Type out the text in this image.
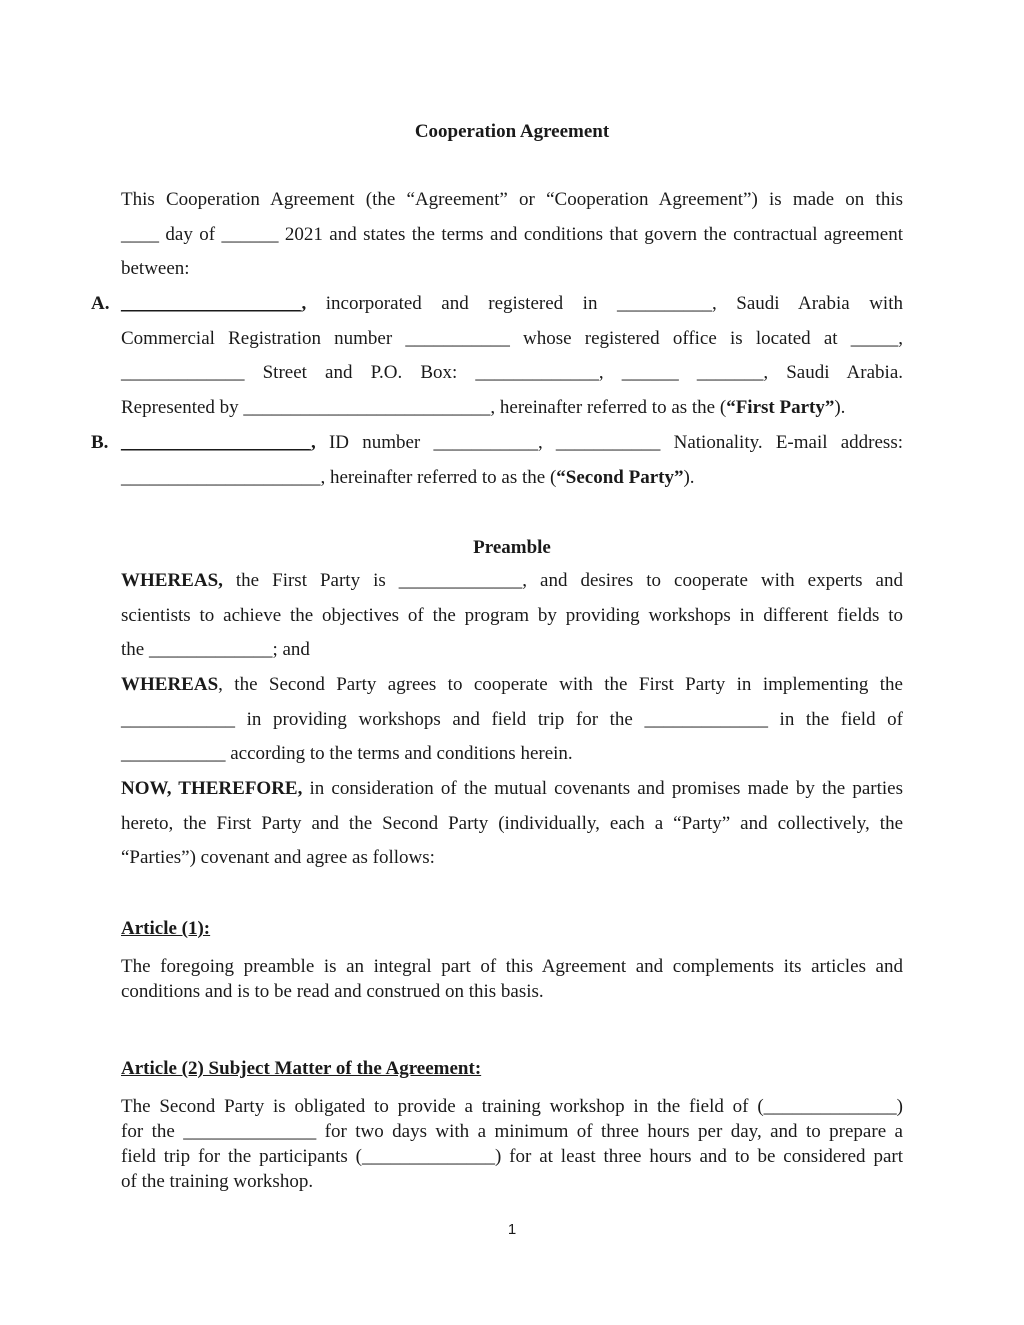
Cooperation Agreement
This Cooperation Agreement (the “Agreement” or “Cooperation Agreement”) is made on this
____ day of ______ 2021 and states the terms and conditions that govern the contractual agreement
between:
A. ___________________, incorporated and registered in __________, Saudi Arabia with
Commercial Registration number ___________ whose registered office is located at _____,
_____________ Street and P.O. Box: _____________, ______ _______, Saudi Arabia.
Represented by __________________________, hereinafter referred to as the (“First Party”).
B. ____________________, ID number ___________, ___________ Nationality. E-mail address:
_____________________, hereinafter referred to as the (“Second Party”).
Preamble
WHEREAS, the First Party is _____________, and desires to cooperate with experts and
scientists to achieve the objectives of the program by providing workshops in different fields to
the _____________; and
WHEREAS, the Second Party agrees to cooperate with the First Party in implementing the
____________ in providing workshops and field trip for the _____________ in the field of
___________ according to the terms and conditions herein.
NOW, THEREFORE, in consideration of the mutual covenants and promises made by the parties
hereto, the First Party and the Second Party (individually, each a “Party” and collectively, the
“Parties”) covenant and agree as follows:
Article (1):
The foregoing preamble is an integral part of this Agreement and complements its articles and
conditions and is to be read and construed on this basis.
Article (2) Subject Matter of the Agreement:
The Second Party is obligated to provide a training workshop in the field of (______________)
for the ______________ for two days with a minimum of three hours per day, and to prepare a
field trip for the participants (______________) for at least three hours and to be considered part
of the training workshop.
1
